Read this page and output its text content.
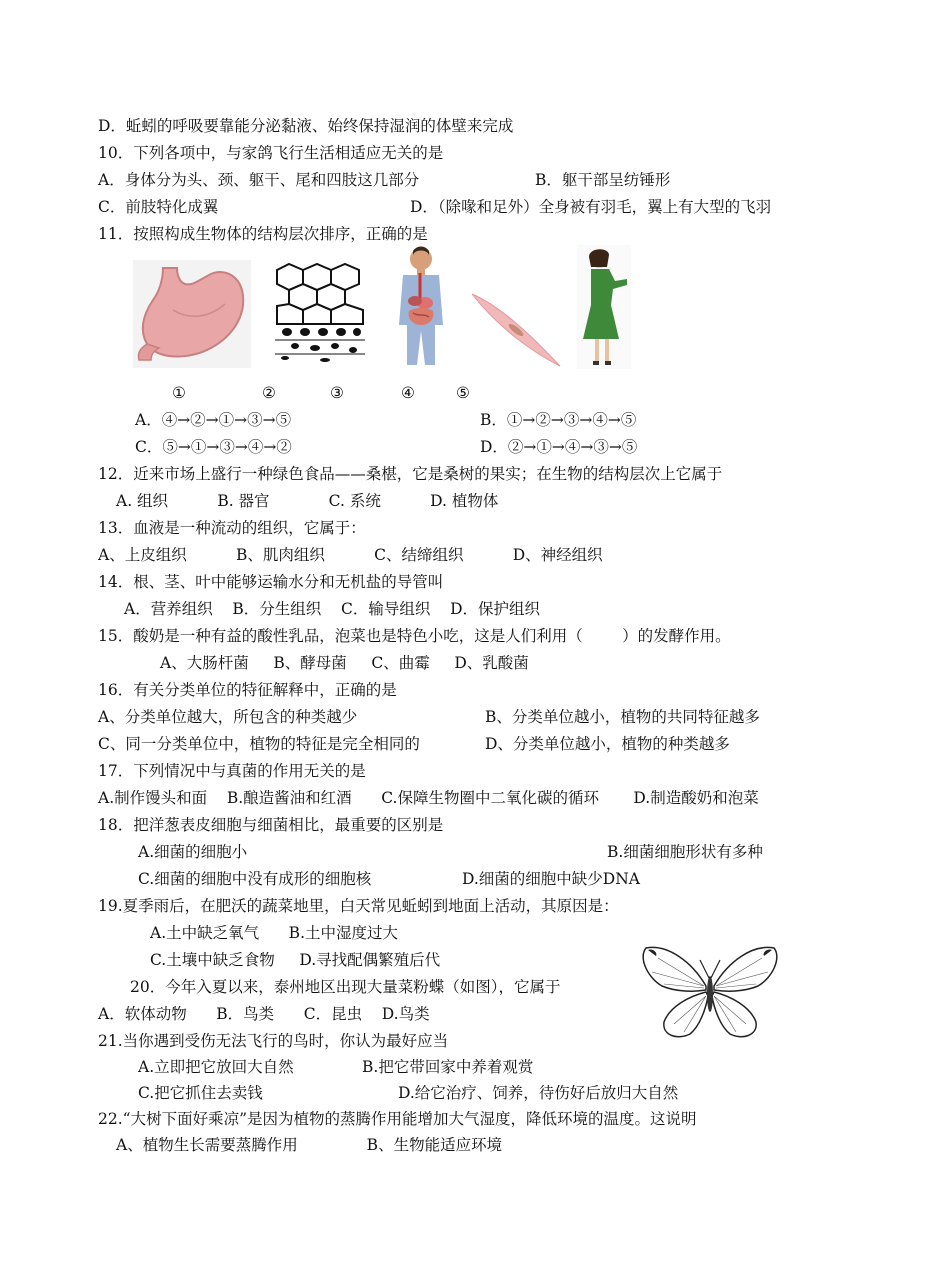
D．蚯蚓的呼吸要靠能分泌黏液、始终保持湿润的体壁来完成
10．下列各项中，与家鸽飞行生活相适应无关的是
A．身体分为头、颈、躯干、尾和四肢这几部分	B．躯干部呈纺锤形
C．前肢特化成翼	D．（除喙和足外）全身被有羽毛，翼上有大型的飞羽
11．按照构成生物体的结构层次排序，正确的是
①	②	③	④	⑤
A．④→②→①→③→⑤	B．①→②→③→④→⑤
C．⑤→①→③→④→②	D．②→①→④→③→⑤
12．近来市场上盛行一种绿色食品——桑椹，它是桑树的果实；在生物的结构层次上它属于
A. 组织          B. 器官            C. 系统          D. 植物体
13．血液是一种流动的组织，它属于：
A、上皮组织          B、肌肉组织          C、结缔组织          D、神经组织
14．根、茎、叶中能够运输水分和无机盐的导管叫
A．营养组织    B．分生组织    C．输导组织    D．保护组织
15．酸奶是一种有益的酸性乳品，泡菜也是特色小吃，这是人们利用（        ）的发酵作用。
A、大肠杆菌     B、酵母菌     C、曲霉     D、乳酸菌
16．有关分类单位的特征解释中，正确的是
A、分类单位越大，所包含的种类越少	B、分类单位越小，植物的共同特征越多
C、同一分类单位中，植物的特征是完全相同的	D、分类单位越小，植物的种类越多
17．下列情况中与真菌的作用无关的是
A.制作馒头和面    B.酿造酱油和红酒      C.保障生物圈中二氧化碳的循环       D.制造酸奶和泡菜
18．把洋葱表皮细胞与细菌相比，最重要的区别是
A.细菌的细胞小	B.细菌细胞形状有多种
C.细菌的细胞中没有成形的细胞核	D.细菌的细胞中缺少DNA
19.夏季雨后，在肥沃的蔬菜地里，白天常见蚯蚓到地面上活动，其原因是：
A.土中缺乏氧气      B.土中湿度过大
C.土壤中缺乏食物     D.寻找配偶繁殖后代
20．今年入夏以来，泰州地区出现大量菜粉蝶（如图），它属于
A．软体动物      B．鸟类      C．昆虫    D.鸟类
21.当你遇到受伤无法飞行的鸟时，你认为最好应当
A.立即把它放回大自然	B.把它带回家中养着观赏
C.把它抓住去卖钱	D.给它治疗、饲养，待伤好后放归大自然
22.“大树下面好乘凉”是因为植物的蒸腾作用能增加大气湿度，降低环境的温度。这说明
A、植物生长需要蒸腾作用              B、生物能适应环境
